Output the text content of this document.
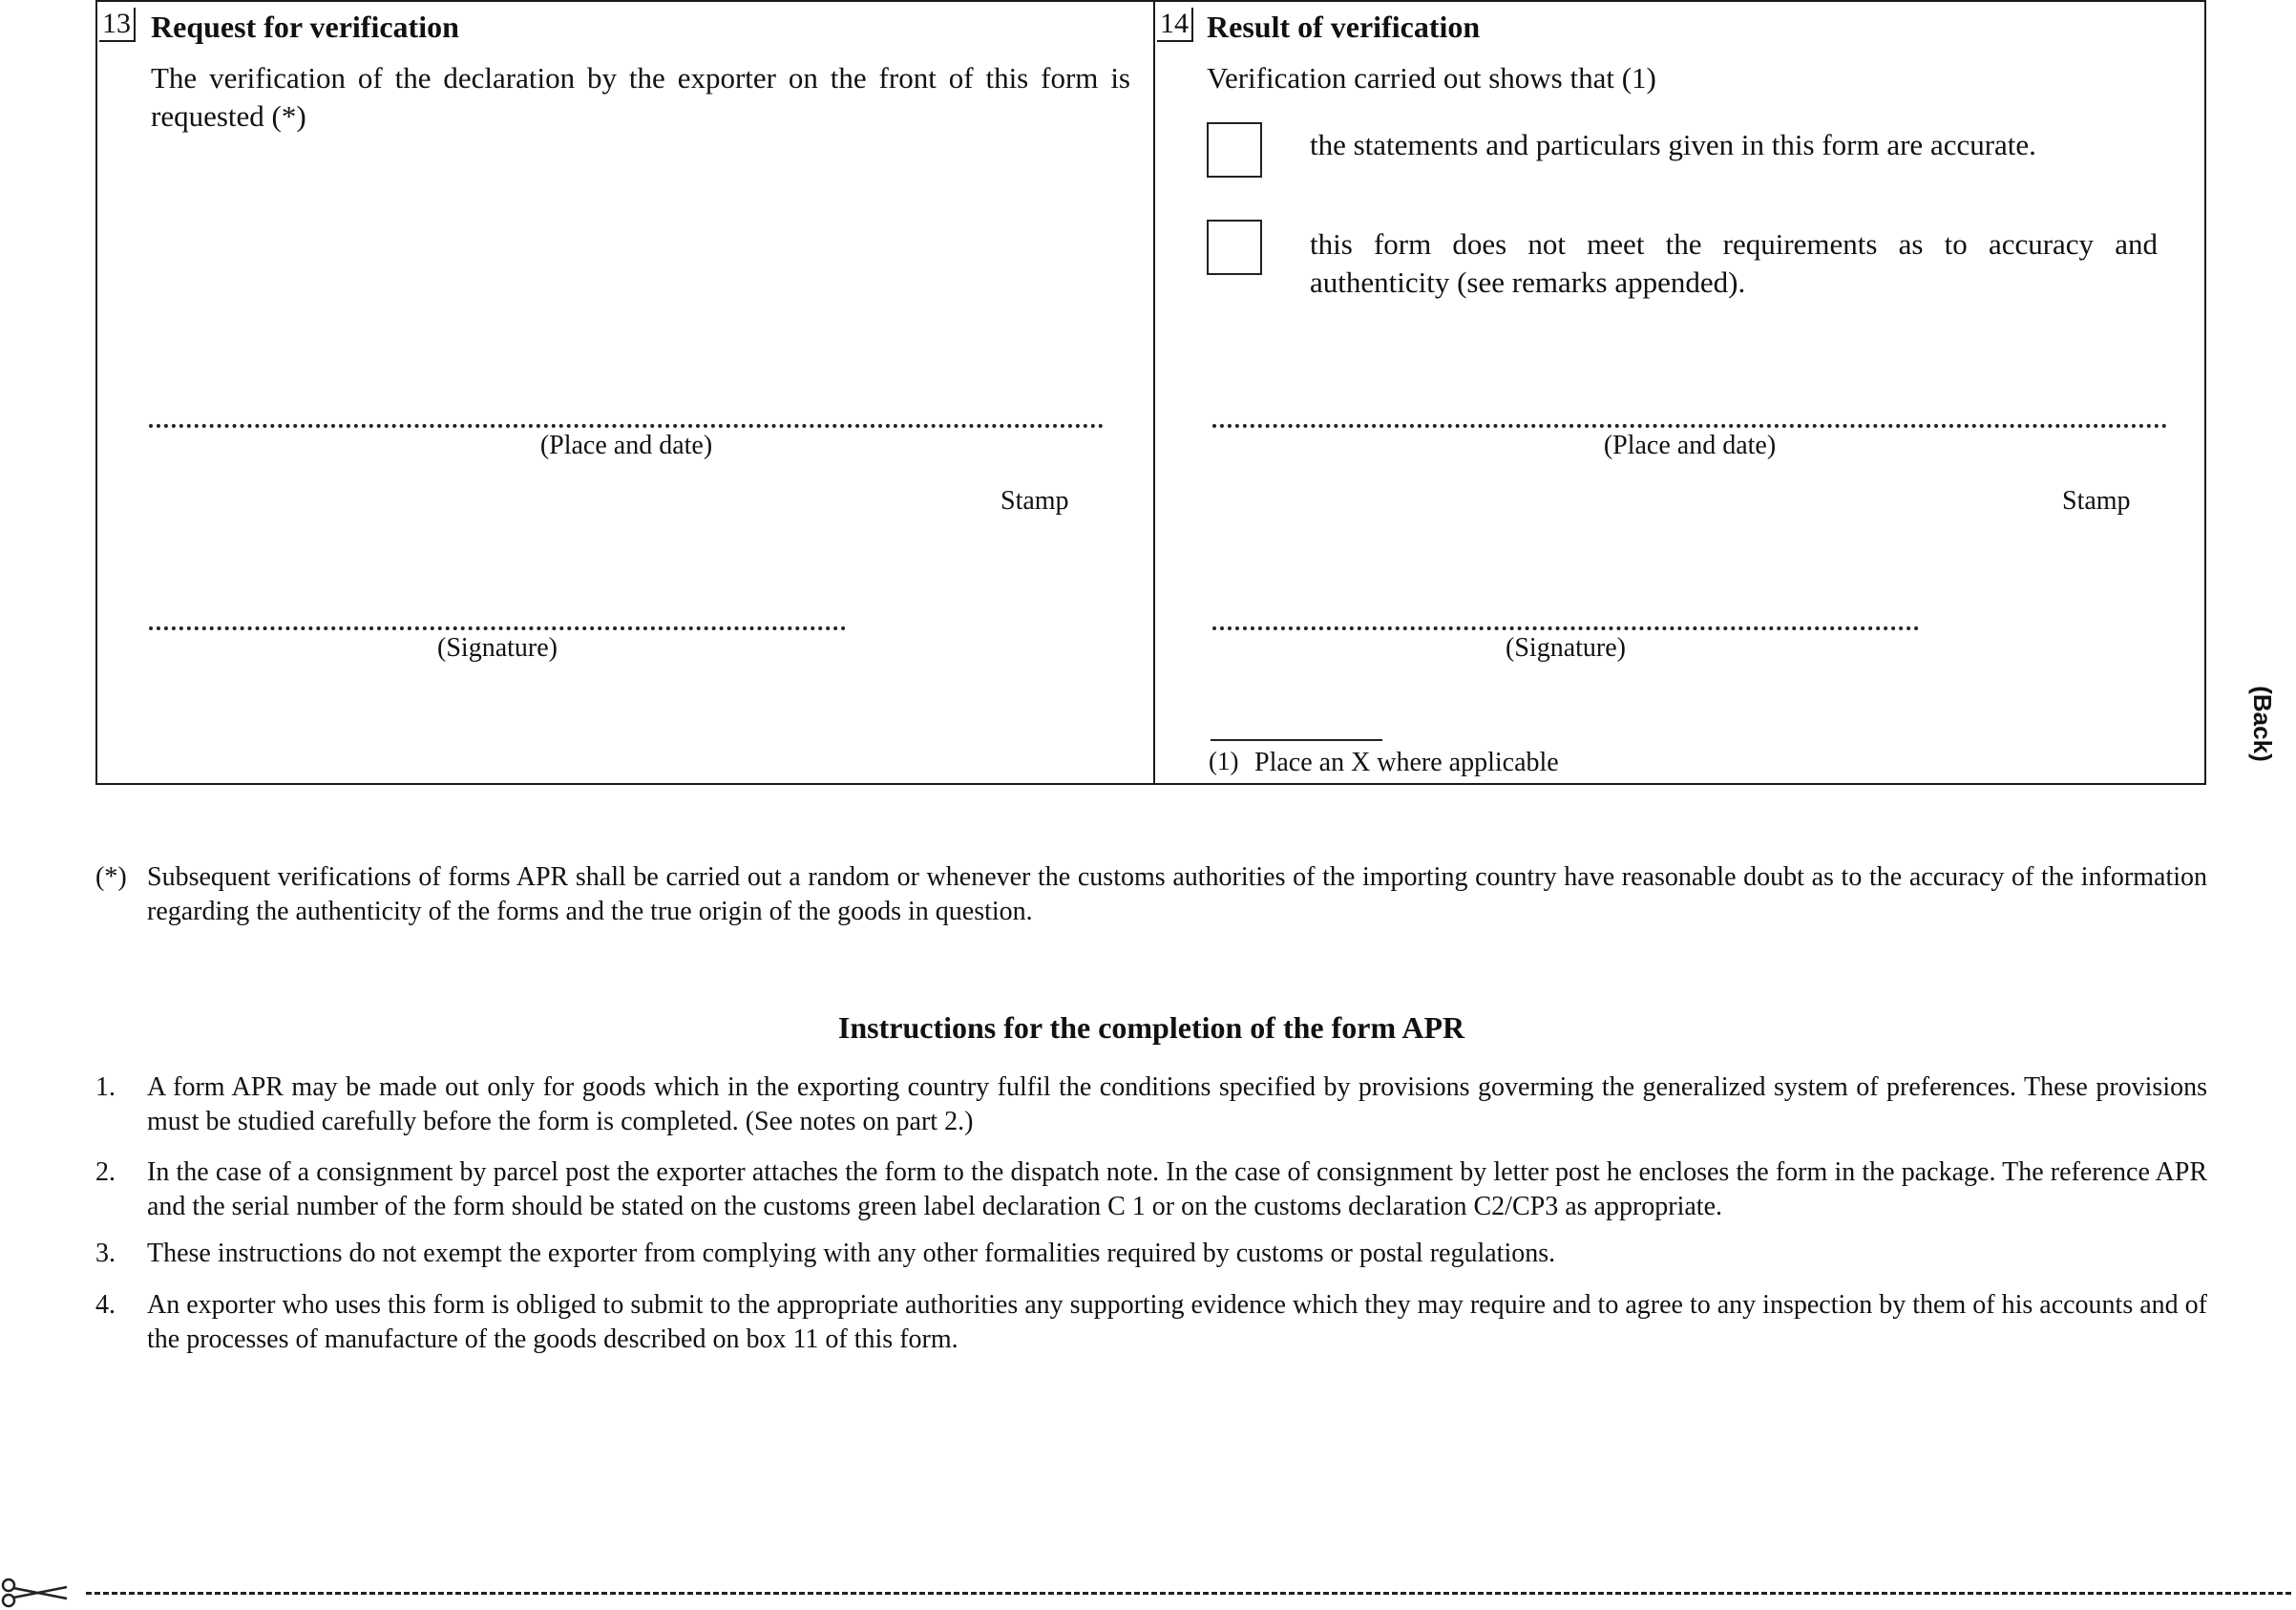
13 Request for verification
The verification of the declaration by the exporter on the front of this form is requested (*)
(Place and date)
Stamp
(Signature)
14 Result of verification
Verification carried out shows that (1)
the statements and particulars given in this form are accurate.
this form does not meet the requirements as to accuracy and authenticity (see remarks appended).
(Place and date)
Stamp
(Signature)
(1) Place an X where applicable
(Back)
(*) Subsequent verifications of forms APR shall be carried out a random or whenever the customs authorities of the importing country have reasonable doubt as to the accuracy of the information regarding the authenticity of the forms and the true origin of the goods in question.
Instructions for the completion of the form APR
1.	A form APR may be made out only for goods which in the exporting country fulfil the conditions specified by provisions goverming the generalized system of preferences. These provisions must be studied carefully before the form is completed. (See notes on part 2.)
2.	In the case of a consignment by parcel post the exporter attaches the form to the dispatch note. In the case of consignment by letter post he encloses the form in the package. The reference APR and the serial number of the form should be stated on the customs green label declaration C 1 or on the customs declaration C2/CP3 as appropriate.
3.	These instructions do not exempt the exporter from complying with any other formalities required by customs or postal regulations.
4.	An exporter who uses this form is obliged to submit to the appropriate authorities any supporting evidence which they may require and to agree to any inspection by them of his accounts and of the processes of manufacture of the goods described on box 11 of this form.
